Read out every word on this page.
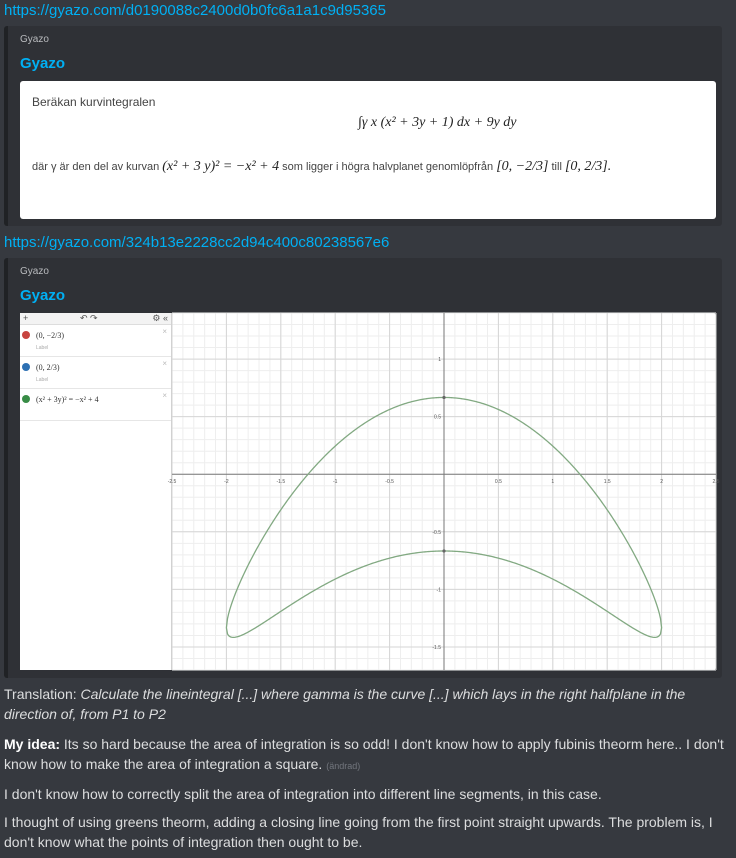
https://gyazo.com/d0190088c2400d0b0fc6a1a1c9d95365
Gyazo
Gyazo
Beräkan kurvintegralen
∫γ x (x² + 3y + 1) dx + 9y dy
där γ är den del av kurvan (x² + 3 y)² = −x² + 4 som ligger i högra halvplanet genomlöpfrån [0, −2/3] till [0, 2/3].
https://gyazo.com/324b13e2228cc2d94c400c80238567e6
Gyazo
Gyazo
+	↶ ↷	⚙ «
(0, −2/3)
Label
×
(0, 2/3)
Label
×
(x² + 3y)² = −x² + 4	×
-2.5	-2	-1.5	-1	-0.5	0.5	1	1.5	2	2.5
1
0.5
-0.5
-1
-1.5
Translation: Calculate the lineintegral [...] where gamma is the curve [...] which lays in the right halfplane in the direction of, from P1 to P2
My idea: Its so hard because the area of integration is so odd! I don't know how to apply fubinis theorm here.. I don't know how to make the area of integration a square. (ändrad)
I don't know how to correctly split the area of integration into different line segments, in this case.
I thought of using greens theorm, adding a closing line going from the first point straight upwards. The problem is, I don't know what the points of integration then ought to be.
